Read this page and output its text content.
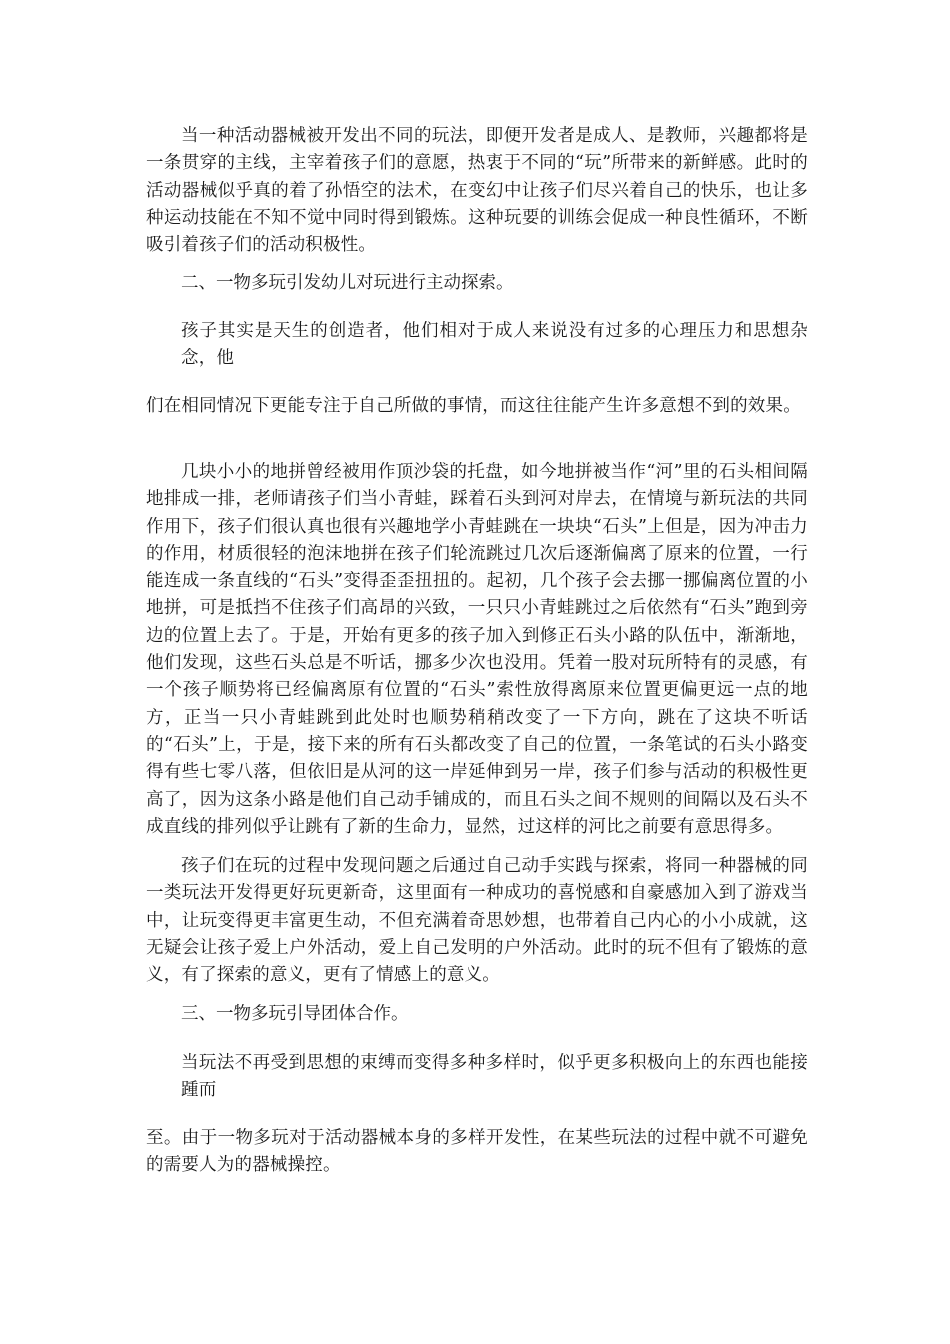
当一种活动器械被开发出不同的玩法，即便开发者是成人、是教师，兴趣都将是一条贯穿的主线，主宰着孩子们的意愿，热衷于不同的“玩”所带来的新鲜感。此时的活动器械似乎真的着了孙悟空的法术，在变幻中让孩子们尽兴着自己的快乐，也让多种运动技能在不知不觉中同时得到锻炼。这种玩要的训练会促成一种良性循环，不断吸引着孩子们的活动积极性。

二、一物多玩引发幼儿对玩进行主动探索。

孩子其实是天生的创造者，他们相对于成人来说没有过多的心理压力和思想杂念，他

们在相同情况下更能专注于自己所做的事情，而这往往能产生许多意想不到的效果。

几块小小的地拼曾经被用作顶沙袋的托盘，如今地拼被当作“河”里的石头相间隔地排成一排，老师请孩子们当小青蛙，踩着石头到河对岸去，在情境与新玩法的共同作用下，孩子们很认真也很有兴趣地学小青蛙跳在一块块“石头”上但是，因为冲击力的作用，材质很轻的泡沫地拼在孩子们轮流跳过几次后逐渐偏离了原来的位置，一行能连成一条直线的“石头”变得歪歪扭扭的。起初，几个孩子会去挪一挪偏离位置的小地拼，可是抵挡不住孩子们高昂的兴致，一只只小青蛙跳过之后依然有“石头”跑到旁边的位置上去了。于是，开始有更多的孩子加入到修正石头小路的队伍中，渐渐地，他们发现，这些石头总是不听话，挪多少次也没用。凭着一股对玩所特有的灵感，有一个孩子顺势将已经偏离原有位置的“石头”索性放得离原来位置更偏更远一点的地方，正当一只小青蛙跳到此处时也顺势稍稍改变了一下方向，跳在了这块不听话的“石头”上，于是，接下来的所有石头都改变了自己的位置，一条笔试的石头小路变得有些七零八落，但依旧是从河的这一岸延伸到另一岸，孩子们参与活动的积极性更高了，因为这条小路是他们自己动手铺成的，而且石头之间不规则的间隔以及石头不成直线的排列似乎让跳有了新的生命力，显然，过这样的河比之前要有意思得多。

孩子们在玩的过程中发现问题之后通过自己动手实践与探索，将同一种器械的同一类玩法开发得更好玩更新奇，这里面有一种成功的喜悦感和自豪感加入到了游戏当中，让玩变得更丰富更生动，不但充满着奇思妙想，也带着自己内心的小小成就，这无疑会让孩子爱上户外活动，爱上自己发明的户外活动。此时的玩不但有了锻炼的意义，有了探索的意义，更有了情感上的意义。

三、一物多玩引导团体合作。

当玩法不再受到思想的束缚而变得多种多样时，似乎更多积极向上的东西也能接踵而

至。由于一物多玩对于活动器械本身的多样开发性，在某些玩法的过程中就不可避免的需要人为的器械操控。
